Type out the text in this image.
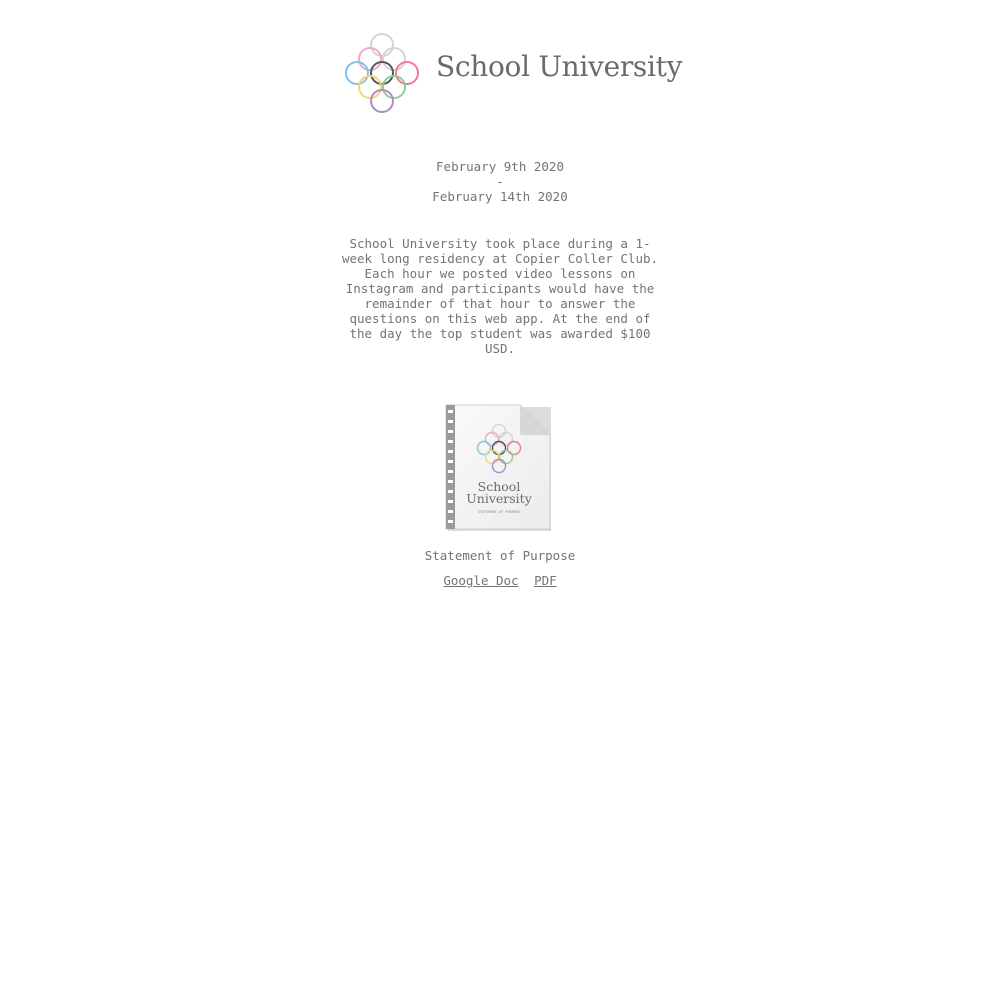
School University
February 9th 2020
-
February 14th 2020
School University took place during a 1-week long residency at Copier Coller Club. Each hour we posted video lessons on Instagram and participants would have the remainder of that hour to answer the questions on this web app. At the end of the day the top student was awarded $100 USD.
School
University
STATEMENT OF PURPOSE
Statement of Purpose
Google Doc PDF
